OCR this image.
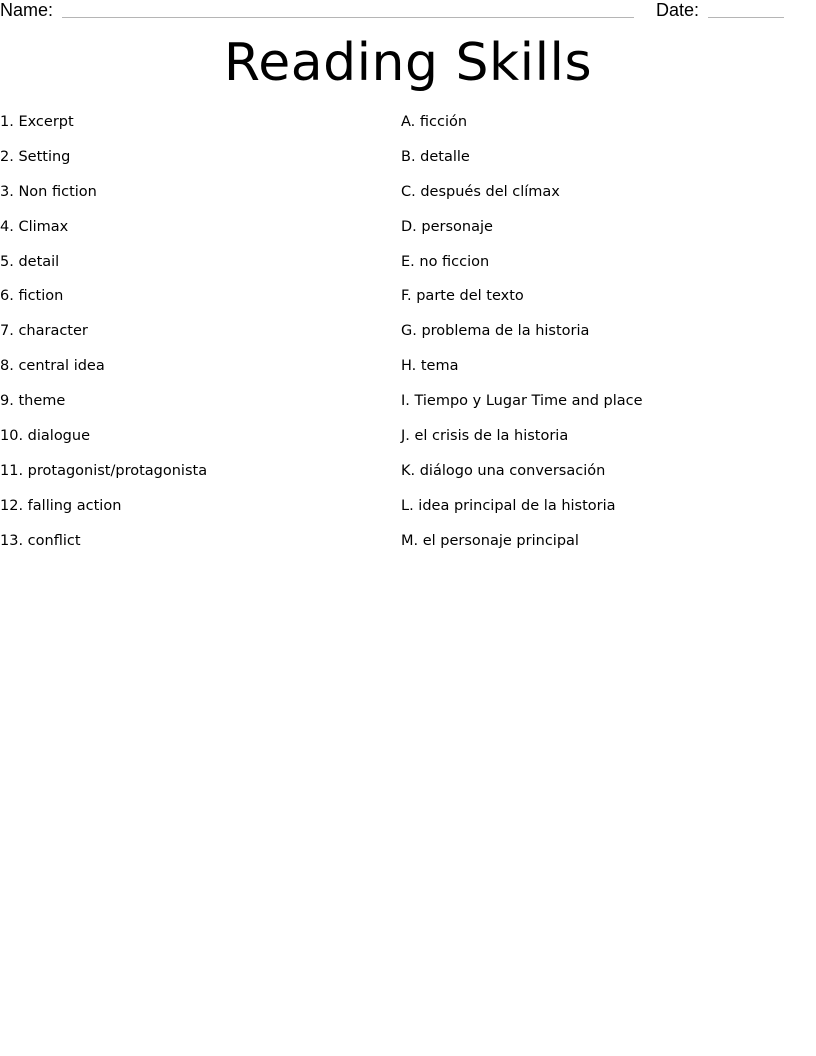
Name:	Date:
Reading Skills
1. Excerpt
2. Setting
3. Non fiction
4. Climax
5. detail
6. fiction
7. character
8. central idea
9. theme
10. dialogue
11. protagonist/protagonista
12. falling action
13. conflict
A. ficción
B. detalle
C. después del clímax
D. personaje
E. no ficcion
F. parte del texto
G. problema de la historia
H. tema
I. Tiempo y Lugar Time and place
J. el crisis de la historia
K. diálogo una conversación
L. idea principal de la historia
M. el personaje principal
